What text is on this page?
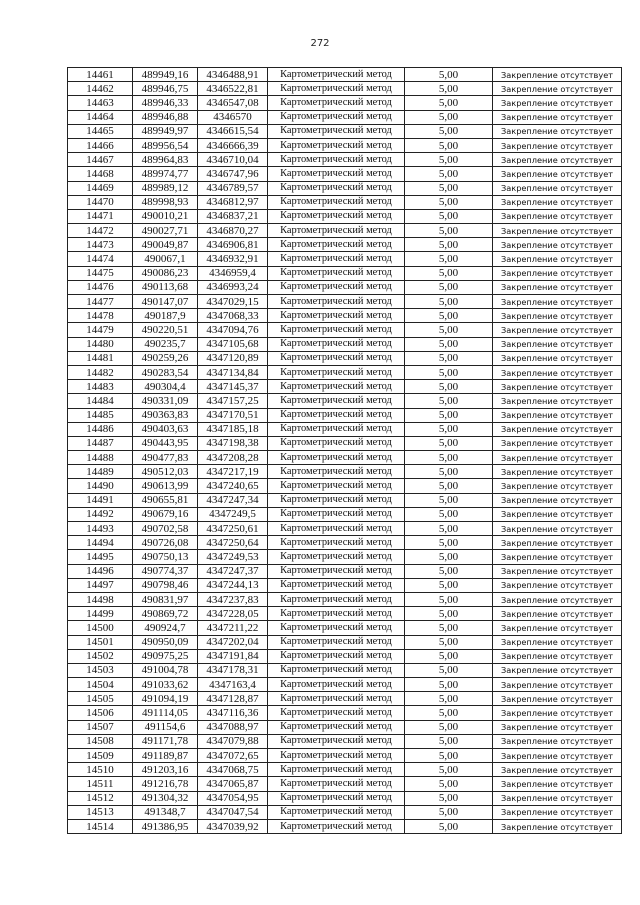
272
14461	489949,16	4346488,91	Картометрический метод	5,00	Закрепление отсутствует
14462	489946,75	4346522,81	Картометрический метод	5,00	Закрепление отсутствует
14463	489946,33	4346547,08	Картометрический метод	5,00	Закрепление отсутствует
14464	489946,88	4346570	Картометрический метод	5,00	Закрепление отсутствует
14465	489949,97	4346615,54	Картометрический метод	5,00	Закрепление отсутствует
14466	489956,54	4346666,39	Картометрический метод	5,00	Закрепление отсутствует
14467	489964,83	4346710,04	Картометрический метод	5,00	Закрепление отсутствует
14468	489974,77	4346747,96	Картометрический метод	5,00	Закрепление отсутствует
14469	489989,12	4346789,57	Картометрический метод	5,00	Закрепление отсутствует
14470	489998,93	4346812,97	Картометрический метод	5,00	Закрепление отсутствует
14471	490010,21	4346837,21	Картометрический метод	5,00	Закрепление отсутствует
14472	490027,71	4346870,27	Картометрический метод	5,00	Закрепление отсутствует
14473	490049,87	4346906,81	Картометрический метод	5,00	Закрепление отсутствует
14474	490067,1	4346932,91	Картометрический метод	5,00	Закрепление отсутствует
14475	490086,23	4346959,4	Картометрический метод	5,00	Закрепление отсутствует
14476	490113,68	4346993,24	Картометрический метод	5,00	Закрепление отсутствует
14477	490147,07	4347029,15	Картометрический метод	5,00	Закрепление отсутствует
14478	490187,9	4347068,33	Картометрический метод	5,00	Закрепление отсутствует
14479	490220,51	4347094,76	Картометрический метод	5,00	Закрепление отсутствует
14480	490235,7	4347105,68	Картометрический метод	5,00	Закрепление отсутствует
14481	490259,26	4347120,89	Картометрический метод	5,00	Закрепление отсутствует
14482	490283,54	4347134,84	Картометрический метод	5,00	Закрепление отсутствует
14483	490304,4	4347145,37	Картометрический метод	5,00	Закрепление отсутствует
14484	490331,09	4347157,25	Картометрический метод	5,00	Закрепление отсутствует
14485	490363,83	4347170,51	Картометрический метод	5,00	Закрепление отсутствует
14486	490403,63	4347185,18	Картометрический метод	5,00	Закрепление отсутствует
14487	490443,95	4347198,38	Картометрический метод	5,00	Закрепление отсутствует
14488	490477,83	4347208,28	Картометрический метод	5,00	Закрепление отсутствует
14489	490512,03	4347217,19	Картометрический метод	5,00	Закрепление отсутствует
14490	490613,99	4347240,65	Картометрический метод	5,00	Закрепление отсутствует
14491	490655,81	4347247,34	Картометрический метод	5,00	Закрепление отсутствует
14492	490679,16	4347249,5	Картометрический метод	5,00	Закрепление отсутствует
14493	490702,58	4347250,61	Картометрический метод	5,00	Закрепление отсутствует
14494	490726,08	4347250,64	Картометрический метод	5,00	Закрепление отсутствует
14495	490750,13	4347249,53	Картометрический метод	5,00	Закрепление отсутствует
14496	490774,37	4347247,37	Картометрический метод	5,00	Закрепление отсутствует
14497	490798,46	4347244,13	Картометрический метод	5,00	Закрепление отсутствует
14498	490831,97	4347237,83	Картометрический метод	5,00	Закрепление отсутствует
14499	490869,72	4347228,05	Картометрический метод	5,00	Закрепление отсутствует
14500	490924,7	4347211,22	Картометрический метод	5,00	Закрепление отсутствует
14501	490950,09	4347202,04	Картометрический метод	5,00	Закрепление отсутствует
14502	490975,25	4347191,84	Картометрический метод	5,00	Закрепление отсутствует
14503	491004,78	4347178,31	Картометрический метод	5,00	Закрепление отсутствует
14504	491033,62	4347163,4	Картометрический метод	5,00	Закрепление отсутствует
14505	491094,19	4347128,87	Картометрический метод	5,00	Закрепление отсутствует
14506	491114,05	4347116,36	Картометрический метод	5,00	Закрепление отсутствует
14507	491154,6	4347088,97	Картометрический метод	5,00	Закрепление отсутствует
14508	491171,78	4347079,88	Картометрический метод	5,00	Закрепление отсутствует
14509	491189,87	4347072,65	Картометрический метод	5,00	Закрепление отсутствует
14510	491203,16	4347068,75	Картометрический метод	5,00	Закрепление отсутствует
14511	491216,78	4347065,87	Картометрический метод	5,00	Закрепление отсутствует
14512	491304,32	4347054,95	Картометрический метод	5,00	Закрепление отсутствует
14513	491348,7	4347047,54	Картометрический метод	5,00	Закрепление отсутствует
14514	491386,95	4347039,92	Картометрический метод	5,00	Закрепление отсутствует
